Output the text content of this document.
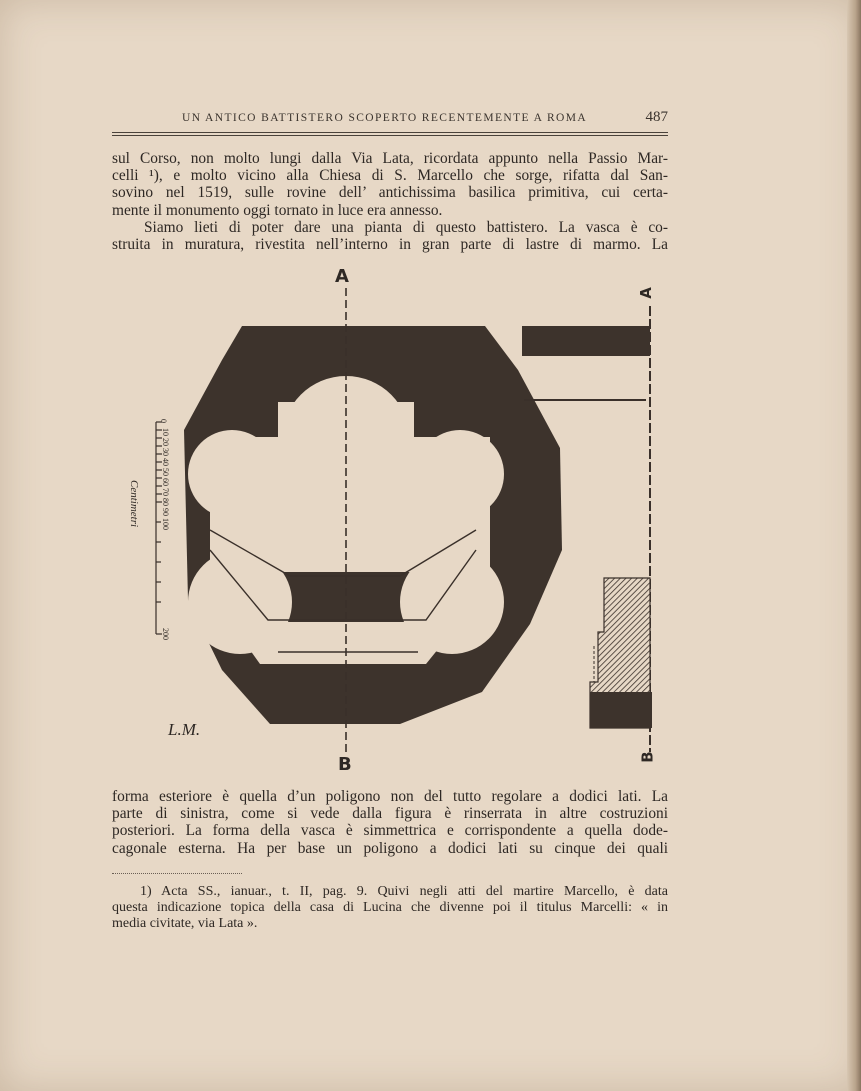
UN ANTICO BATTISTERO SCOPERTO RECENTEMENTE A ROMA	487
sul Corso, non molto lungi dalla Via Lata, ricordata appunto nella Passio Mar-
celli ¹), e molto vicino alla Chiesa di S. Marcello che sorge, rifatta dal San-
sovino nel 1519, sulle rovine dell’ antichissima basilica primitiva, cui certa-
mente il monumento oggi tornato in luce era annesso.
Siamo lieti di poter dare una pianta di questo battistero. La vasca è co-
struita in muratura, rivestita nell’interno in gran parte di lastre di marmo. La
A
B
A
B
0
10 20 30 40 50 60 70 80 90
100
200
Centimetri
L.M.
forma esteriore è quella d’un poligono non del tutto regolare a dodici lati. La
parte di sinistra, come si vede dalla figura è rinserrata in altre costruzioni
posteriori. La forma della vasca è simmettrica e corrispondente a quella dode-
cagonale esterna. Ha per base un poligono a dodici lati su cinque dei quali
1) Acta SS., ianuar., t. II, pag. 9. Quivi negli atti del martire Marcello, è data
questa indicazione topica della casa di Lucina che divenne poi il titulus Marcelli: « in
media civitate, via Lata ».
